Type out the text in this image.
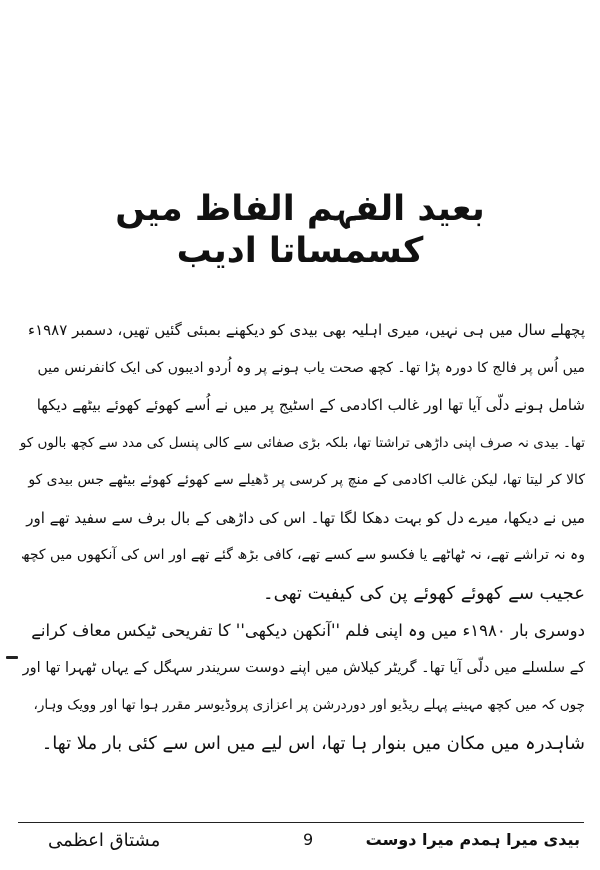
بعید الفہم الفاظ میں کسمساتا ادیب

پچھلے سال میں ہی نہیں، میری اہلیہ بھی بیدی کو دیکھنے بمبئی گئیں تھیں، دسمبر ۱۹۸۷ء

میں اُس پر فالج کا دورہ پڑا تھا۔ کچھ صحت یاب ہونے پر وہ اُردو ادیبوں کی ایک کانفرنس میں

شامل ہونے دلّی آیا تھا اور غالب اکادمی کے اسٹیج پر میں نے اُسے کھوئے کھوئے بیٹھے دیکھا

تھا۔ بیدی نہ صرف اپنی داڑھی تراشتا تھا، بلکہ بڑی صفائی سے کالی پنسل کی مدد سے کچھ بالوں کو

کالا کر لیتا تھا، لیکن غالب اکادمی کے منچ پر کرسی پر ڈھیلے سے کھوئے کھوئے بیٹھے جس بیدی کو

میں نے دیکھا، میرے دل کو بہت دھکا لگا تھا۔ اس کی داڑھی کے بال برف سے سفید تھے اور

وہ نہ تراشے تھے، نہ ٹھاٹھے یا فکسو سے کسے تھے، کافی بڑھ گئے تھے اور اس کی آنکھوں میں کچھ

عجیب سے کھوئے کھوئے پن کی کیفیت تھی۔

دوسری بار ۱۹۸۰ء میں وہ اپنی فلم ''آنکھن دیکھی'' کا تفریحی ٹیکس معاف کرانے

کے سلسلے میں دلّی آیا تھا۔ گریٹر کیلاش میں اپنے دوست سریندر سہگل کے یہاں ٹھہرا تھا اور

چوں کہ میں کچھ مہینے پہلے ریڈیو اور دوردرشن پر اعزازی پروڈیوسر مقرر ہوا تھا اور وویک وہار،

شاہدرہ میں مکان میں بنوار ہا تھا، اس لیے میں اس سے کئی بار ملا تھا۔

مشتاق اعظمی	9	بیدی میرا ہمدم میرا دوست
